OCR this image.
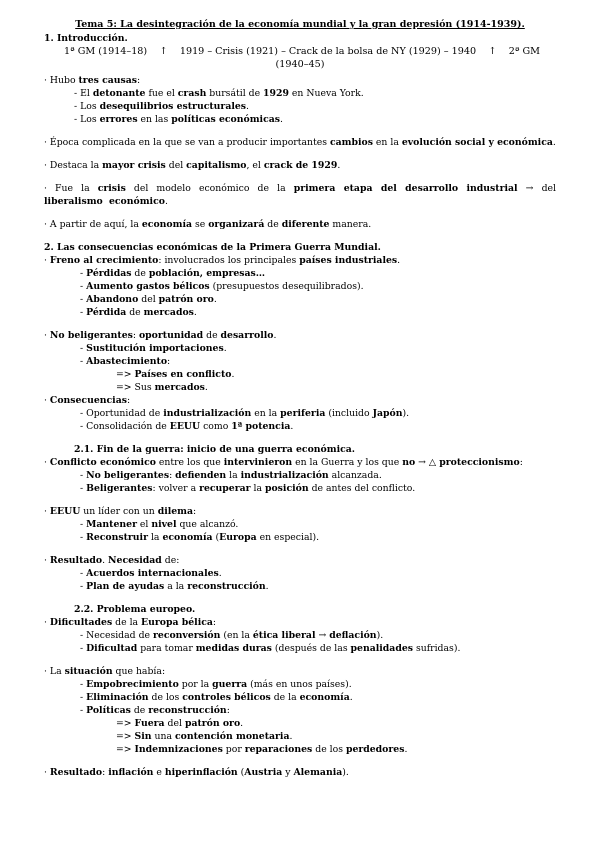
Tema 5: La desintegración de la economía mundial y la gran depresión (1914-1939).

1. Introducción.

1ª GM (1914–18) ↑ 1919 – Crisis (1921) – Crack de la bolsa de NY (1929) – 1940 ↑ 2ª GM

(1940–45)

· Hubo tres causas:

- El detonante fue el crash bursátil de 1929 en Nueva York.

- Los desequilibrios estructurales.

- Los errores en las políticas económicas.

· Época complicada en la que se van a producir importantes cambios en la evolución social y económica.

· Destaca la mayor crisis del capitalismo, el crack de 1929.

· Fue la crisis del modelo económico de la primera etapa del desarrollo industrial → del liberalismo económico.

· A partir de aquí, la economía se organizará de diferente manera.

2. Las consecuencias económicas de la Primera Guerra Mundial.

· Freno al crecimiento: involucrados los principales países industriales.

- Pérdidas de población, empresas…

- Aumento gastos bélicos (presupuestos desequilibrados).

- Abandono del patrón oro.

- Pérdida de mercados.

· No beligerantes: oportunidad de desarrollo.

- Sustitución importaciones.

- Abastecimiento:

=> Países en conflicto.

=> Sus mercados.

· Consecuencias:

- Oportunidad de industrialización en la periferia (incluido Japón).

- Consolidación de EEUU como 1ª potencia.

2.1. Fin de la guerra: inicio de una guerra económica.

· Conflicto económico entre los que intervinieron en la Guerra y los que no → △ proteccionismo:

- No beligerantes: defienden la industrialización alcanzada.

- Beligerantes: volver a recuperar la posición de antes del conflicto.

· EEUU un líder con un dilema:

- Mantener el nivel que alcanzó.

- Reconstruir la economía (Europa en especial).

· Resultado. Necesidad de:

- Acuerdos internacionales.

- Plan de ayudas a la reconstrucción.

2.2. Problema europeo.

· Dificultades de la Europa bélica:

- Necesidad de reconversión (en la ética liberal → deflación).

- Dificultad para tomar medidas duras (después de las penalidades sufridas).

· La situación que había:

- Empobrecimiento por la guerra (más en unos países).

- Eliminación de los controles bélicos de la economía.

- Políticas de reconstrucción:

=> Fuera del patrón oro.

=> Sin una contención monetaria.

=> Indemnizaciones por reparaciones de los perdedores.

· Resultado: inflación e hiperinflación (Austria y Alemania).
